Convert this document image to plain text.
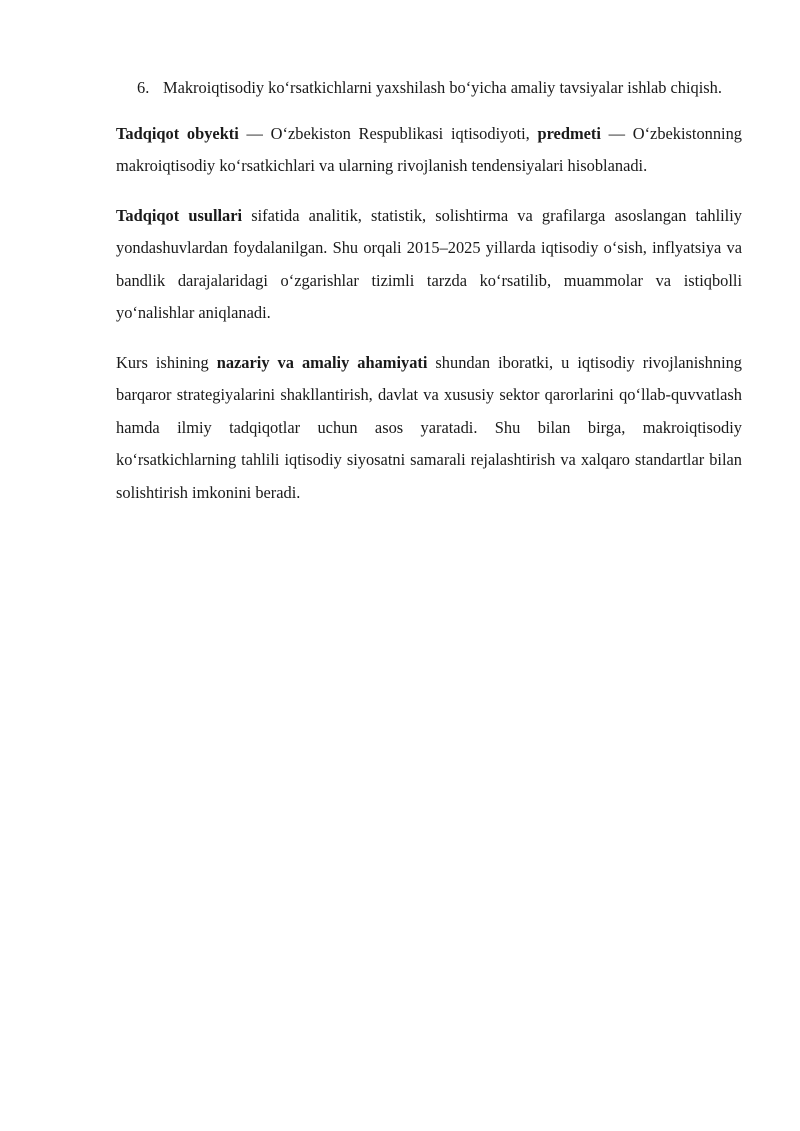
6. Makroiqtisodiy ko‘rsatkichlarni yaxshilash bo‘yicha amaliy tavsiyalar ishlab chiqish.

Tadqiqot obyekti — O‘zbekiston Respublikasi iqtisodiyoti, predmeti — O‘zbekistonning makroiqtisodiy ko‘rsatkichlari va ularning rivojlanish tendensiyalari hisoblanadi.

Tadqiqot usullari sifatida analitik, statistik, solishtirma va grafilarga asoslangan tahliliy yondashuvlardan foydalanilgan. Shu orqali 2015–2025 yillarda iqtisodiy o‘sish, inflyatsiya va bandlik darajalaridagi o‘zgarishlar tizimli tarzda ko‘rsatilib, muammolar va istiqbolli yo‘nalishlar aniqlanadi.

Kurs ishining nazariy va amaliy ahamiyati shundan iboratki, u iqtisodiy rivojlanishning barqaror strategiyalarini shakllantirish, davlat va xususiy sektor qarorlarini qo‘llab-quvvatlash hamda ilmiy tadqiqotlar uchun asos yaratadi. Shu bilan birga, makroiqtisodiy ko‘rsatkichlarning tahlili iqtisodiy siyosatni samarali rejalashtirish va xalqaro standartlar bilan solishtirish imkonini beradi.
